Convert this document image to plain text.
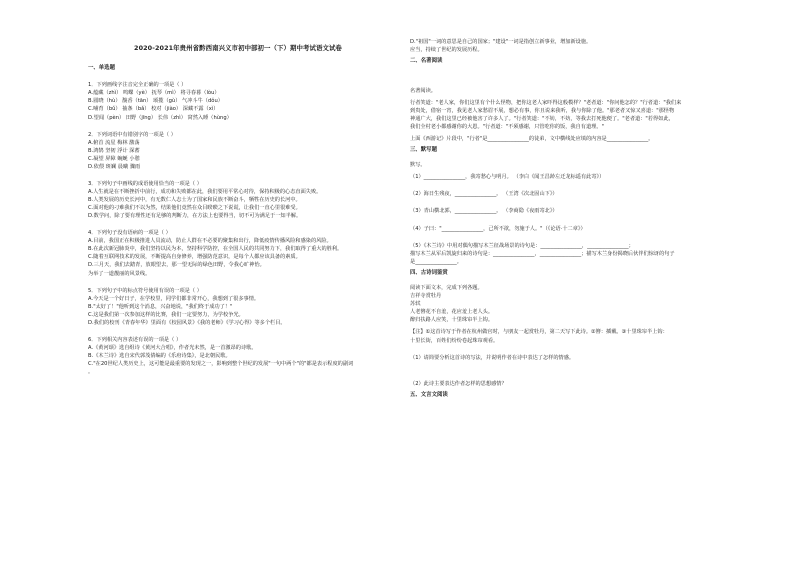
2020-2021年贵州省黔西南兴义市初中部初一（下）期中考试语文试卷
一、单选题
1．下列画线字注音完全正确的一项是（ ）
A.蕴藏（zhì） 鸣蝶（yè） 抚琴（mì） 将寻春暮（lòu）
B.圆晓（hù） 馥香（tān） 颂揽（gù） 气冲斗牛（dǒu）
C.哺育（bǔ） 抽条（bǎ） 校对（jiào） 深藏不露（xì）
D.望闻（pèn） 田野（jīng） 长伟（zhì） 窝然入睡（hùng）
2．下列词语中有错别字的一项是（ ）
A.俯首 流星 梅林 激荡
B.鸿鹄 坚韧 浮计 深蓄
C.凝望 屏障 蜿蜒 小憩
D.依偎 斑斓 晨曦 骤雨
3．下列句子中画线的成语使用恰当的一项是（ ）
A.人生就是在不断挫折中前行，成功和失败都在此，我们要用平常心对待，保持积极的心态直面失败。
B.人类发展的历史长河中，有无数仁人志士为了国家和民族不断奋斗，牺牲在历史的长河中。
C.面对他的刁难我们不以为然，结果他们竟然在众目睽睽之下说谎，让我们一直心里很难受。
D.数学问，除了要有理性还有足够的判断力，在方法上也要得当，切不可为满足于一知半解。
4．下列句子没有语病的一项是（ ）
A.目前，我国正在积极推进人员流动，防止人群在不必要的聚集和出行，降低疫情传播风险和感染的风险。
B.在此次新冠肺炎中，我们坚持以民为本，坚持科学防控，在全国人民的共同努力下，我们取得了重大的胜利。
C.随着互联网技术的发展，不断提高自身修养，增强防范意识，是每个人都应该具备的素质。
D.三月天，我们去踏青，放眼望去，那一望无际的绿色田野，令我心旷神怡。
为举了一道靓丽的风景线。
5．下列句子中的标点符号使用有误的一项是（ ）
A.今天是一个好日子，在学校里，同学们都非常开心，我想到了很多事情。
B."太好了！"他听到这个消息，兴奋地说，"我们终于成功了！"
C.这是我们第一次参加这样的比赛，我们一定要努力，为学校争光。
D.我们的校刊《青春年华》里面有《校园风景》《我的老师》《学习心得》等多个栏目。
6．下列相关内容表述有误的一项是（ ）
A.《黄河颂》选自组诗《黄河大合唱》，作者光未然，是一首激昂的诗歌。
B.《木兰诗》选自宋代郭茂倩编的《乐府诗集》，是北朝民歌。
C."在20世纪人类历史上，这可能是最重要的发现之一，影响到整个世纪的发展"一句中两个"的"都是表示程度的副词
。
D."祖国"一词的意思是自己的国家；"建设"一词是指创立新事业，增加新设施。
应当，持续了世纪的发展历程。
二、名著阅读
名著阅读。
行者笑道："老人家，你们这里有个什么怪物，把你这老人家吓得这般模样？"老者道："你问他怎的？"行者道："我们来
到贵处，借宿一宵，我见老人家愁眉不展，想必有事，你且说来我听，我与你除了他。"那老者又惊又喜道："那怪物
神通广大，我们这里已经被他害了许多人了。"行者笑道："不妨，不妨，等我去打死他便了。"老者道："若得如此，
我们全村老小都感谢你的大恩。"行者道："不须感谢，只管吃你的饭，我自有道理。"
上面《西游记》片段中，"行者"是________________的徒弟，文中横线处应填的内容是________________。
三、默写题
默写。
（1）________________，我寄愁心与明月。 （李白《闻王昌龄左迁龙标遥有此寄》）
（2）海日生残夜，________________。 （王湾《次北固山下》）
（3）青山横北郭，________________。 （李商隐《夜雨寄北》）
（4）子曰："________________，己所不欲，勿施于人。"（《论语·十二章》）
（5）《木兰诗》中用对偶句描写木兰征战场景的诗句是：________________，________________；
描写木兰从军后凯旋归来的诗句是：________________，________________；描写木兰身份揭晓后伙伴们惊讶的句子
是________________。
四、古诗词鉴赏
阅读下面文本，完成下列各题。
吉祥寺赏牡丹
苏轼
人老簪花不自羞，花应羞上老人头。
醉归扶路人应笑，十里珠帘半上钩。
【注】①这首诗写于作者在杭州做官时，与朋友一起赏牡丹，第二天写下此诗。②簪：插戴。③十里珠帘半上钩：
十里长街，百姓们纷纷卷起珠帘观看。
（1）请简要分析这首诗的写法，并说明作者在诗中表达了怎样的情感。
（2）此诗主要表达作者怎样的思想感情？
五、文言文阅读
